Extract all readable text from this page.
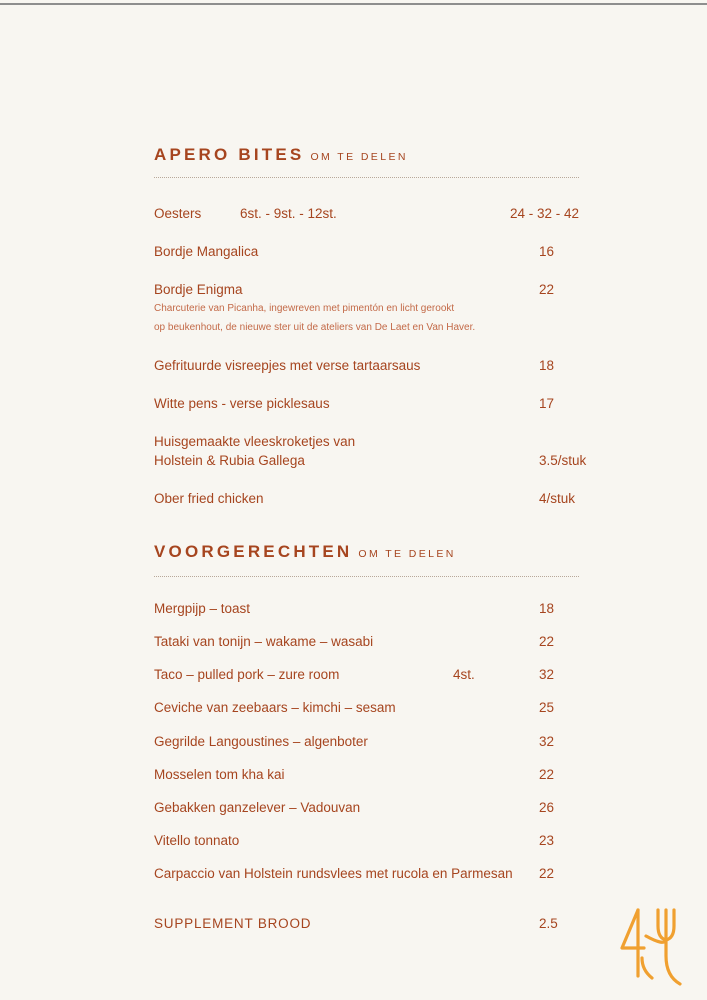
APERO BITES OM TE DELEN
Oesters	6st. - 9st. - 12st.	24 - 32 - 42
Bordje Mangalica	16
Bordje Enigma	22
Charcuterie van Picanha, ingewreven met pimentón en licht gerookt
op beukenhout, de nieuwe ster uit de ateliers van De Laet en Van Haver.
Gefrituurde visreepjes met verse tartaarsaus	18
Witte pens - verse picklesaus	17
Huisgemaakte vleeskroketjes van
Holstein & Rubia Gallega	3.5/stuk
Ober fried chicken	4/stuk
VOORGERECHTEN OM TE DELEN
Mergpijp – toast	18
Tataki van tonijn – wakame – wasabi	22
Taco – pulled pork – zure room	4st.	32
Ceviche van zeebaars – kimchi – sesam	25
Gegrilde Langoustines – algenboter	32
Mosselen tom kha kai	22
Gebakken ganzelever – Vadouvan	26
Vitello tonnato	23
Carpaccio van Holstein rundsvlees met rucola en Parmesan 22
SUPPLEMENT BROOD	2.5
